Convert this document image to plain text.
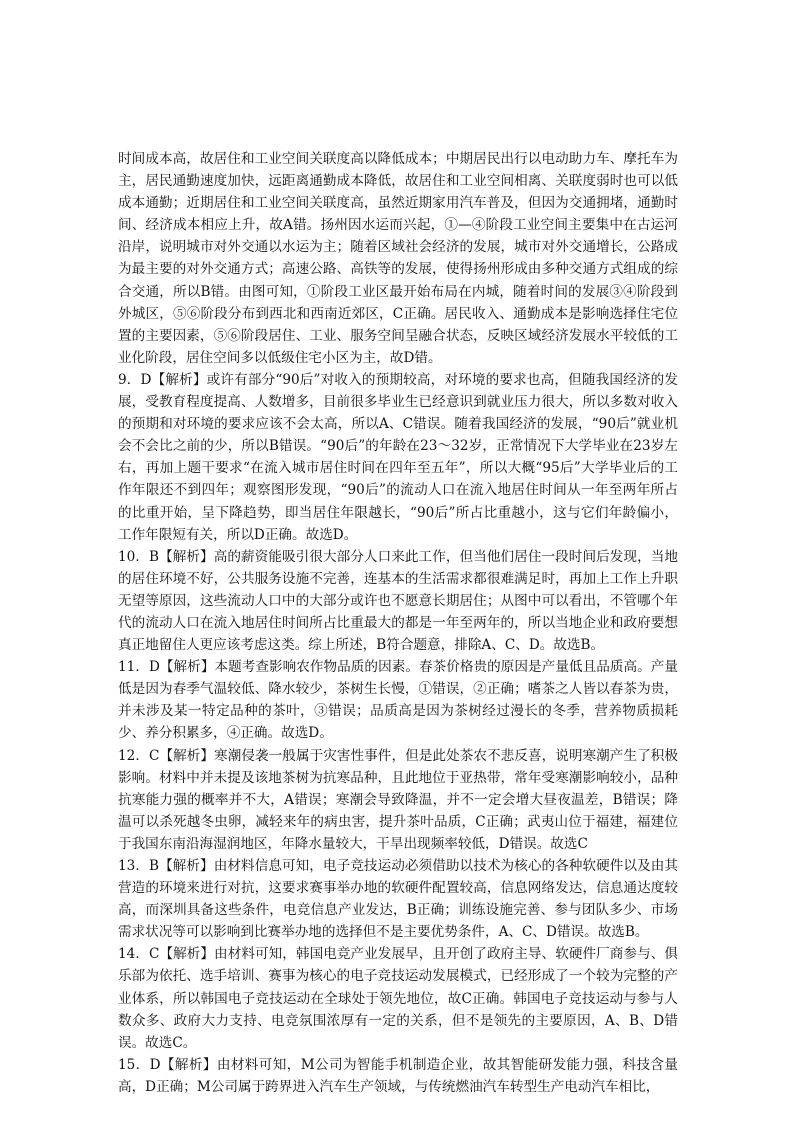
时间成本高，故居住和工业空间关联度高以降低成本；中期居民出行以电动助力车、摩托车为主，居民通勤速度加快，远距离通勤成本降低，故居住和工业空间相离、关联度弱时也可以低成本通勤；近期居住和工业空间关联度高，虽然近期家用汽车普及，但因为交通拥堵，通勤时间、经济成本相应上升，故A错。扬州因水运而兴起，①—④阶段工业空间主要集中在古运河沿岸，说明城市对外交通以水运为主；随着区域社会经济的发展，城市对外交通增长，公路成为最主要的对外交通方式；高速公路、高铁等的发展，使得扬州形成由多种交通方式组成的综合交通，所以B错。由图可知，①阶段工业区最开始布局在内城，随着时间的发展③④阶段到外城区，⑤⑥阶段分布到西北和西南近郊区，C正确。居民收入、通勤成本是影响选择住宅位置的主要因素，⑤⑥阶段居住、工业、服务空间呈融合状态，反映区域经济发展水平较低的工业化阶段，居住空间多以低级住宅小区为主，故D错。

9．D【解析】或许有部分“90后”对收入的预期较高，对环境的要求也高，但随我国经济的发展，受教育程度提高、人数增多，目前很多毕业生已经意识到就业压力很大，所以多数对收入的预期和对环境的要求应该不会太高，所以A、C错误。随着我国经济的发展，“90后”就业机会不会比之前的少，所以B错误。“90后”的年龄在23～32岁，正常情况下大学毕业在23岁左右，再加上题干要求“在流入城市居住时间在四年至五年”，所以大概“95后”大学毕业后的工作年限还不到四年；观察图形发现，“90后”的流动人口在流入地居住时间从一年至两年所占的比重开始，呈下降趋势，即当居住年限越长，“90后”所占比重越小，这与它们年龄偏小，工作年限短有关，所以D正确。故选D。

10．B【解析】高的薪资能吸引很大部分人口来此工作，但当他们居住一段时间后发现，当地的居住环境不好，公共服务设施不完善，连基本的生活需求都很难满足时，再加上工作上升职无望等原因，这些流动人口中的大部分或许也不愿意长期居住；从图中可以看出，不管哪个年代的流动人口在流入地居住时间所占比重最大的都是一年至两年的，所以当地企业和政府要想真正地留住人更应该考虑这类。综上所述，B符合题意，排除A、C、D。故选B。

11．D【解析】本题考查影响农作物品质的因素。春茶价格贵的原因是产量低且品质高。产量低是因为春季气温较低、降水较少，茶树生长慢，①错误，②正确；嗜茶之人皆以春茶为贵，并未涉及某一特定品种的茶叶，③错误；品质高是因为茶树经过漫长的冬季，营养物质损耗少、养分积累多，④正确。故选D。

12．C【解析】寒潮侵袭一般属于灾害性事件，但是此处茶农不悲反喜，说明寒潮产生了积极影响。材料中并未提及该地茶树为抗寒品种，且此地位于亚热带，常年受寒潮影响较小，品种抗寒能力强的概率并不大，A错误；寒潮会导致降温，并不一定会增大昼夜温差，B错误；降温可以杀死越冬虫卵，减轻来年的病虫害，提升茶叶品质，C正确；武夷山位于福建，福建位于我国东南沿海湿润地区，年降水量较大，干旱出现频率较低，D错误。故选C

13．B【解析】由材料信息可知，电子竞技运动必须借助以技术为核心的各种软硬件以及由其营造的环境来进行对抗，这要求赛事举办地的软硬件配置较高，信息网络发达，信息通达度较高，而深圳具备这些条件，电竞信息产业发达，B正确；训练设施完善、参与团队多少、市场需求状况等可以影响到比赛举办地的选择但不是主要优势条件，A、C、D错误。故选B。

14．C【解析】由材料可知，韩国电竞产业发展早，且开创了政府主导、软硬件厂商参与、俱乐部为依托、选手培训、赛事为核心的电子竞技运动发展模式，已经形成了一个较为完整的产业体系，所以韩国电子竞技运动在全球处于领先地位，故C正确。韩国电子竞技运动与参与人数众多、政府大力支持、电竞氛围浓厚有一定的关系，但不是领先的主要原因，A、B、D错误。故选C。

15．D【解析】由材料可知，M公司为智能手机制造企业，故其智能研发能力强，科技含量高，D正确；M公司属于跨界进入汽车生产领域，与传统燃油汽车转型生产电动汽车相比，
